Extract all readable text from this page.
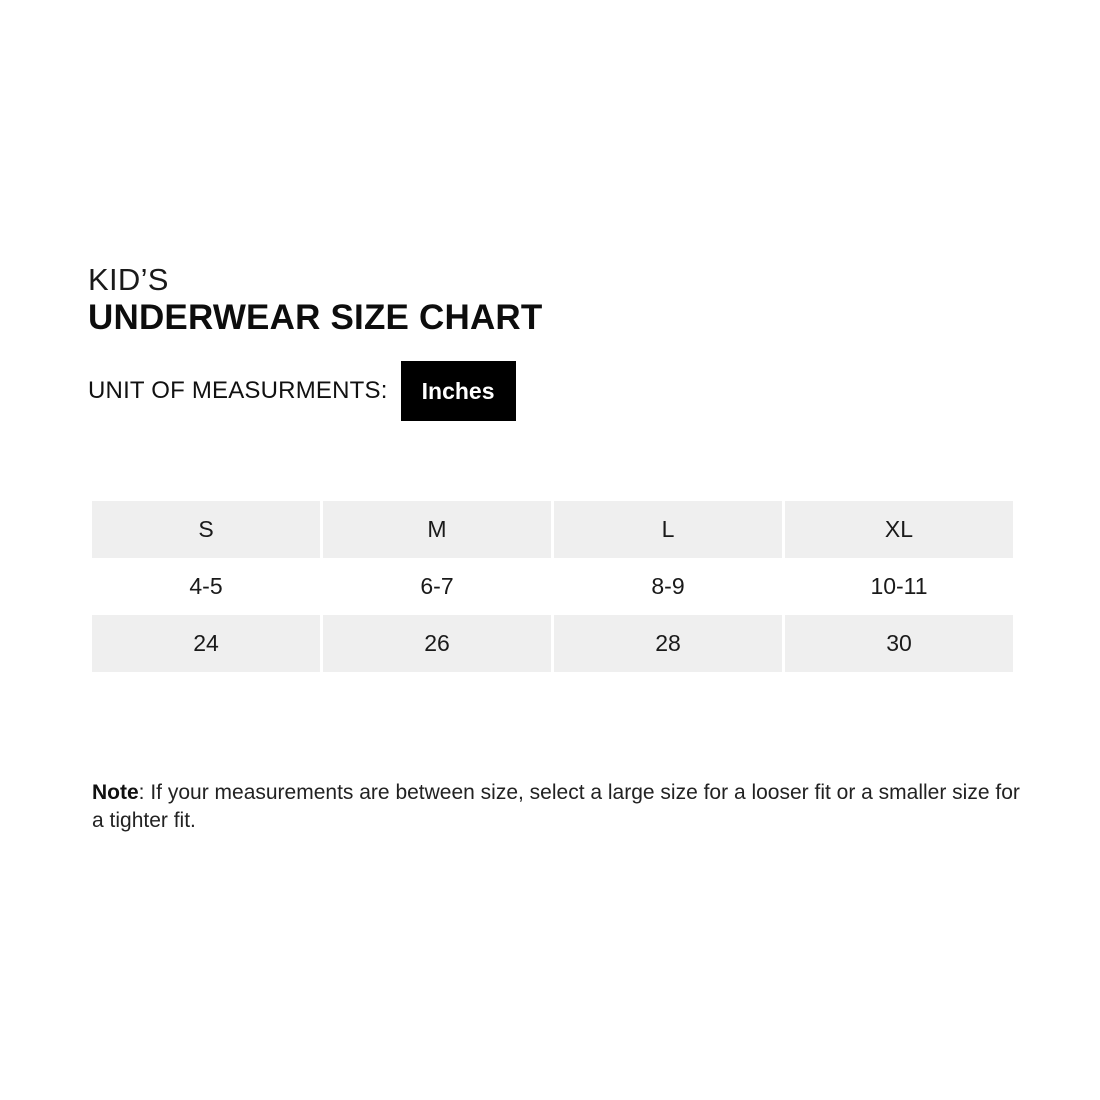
KID’S
UNDERWEAR SIZE CHART
UNIT OF MEASURMENTS:	Inches
S	M	L	XL
4-5	6-7	8-9	10-11
24	26	28	30

Note: If your measurements are between size, select a large size for a looser fit or a smaller size for a tighter fit.
